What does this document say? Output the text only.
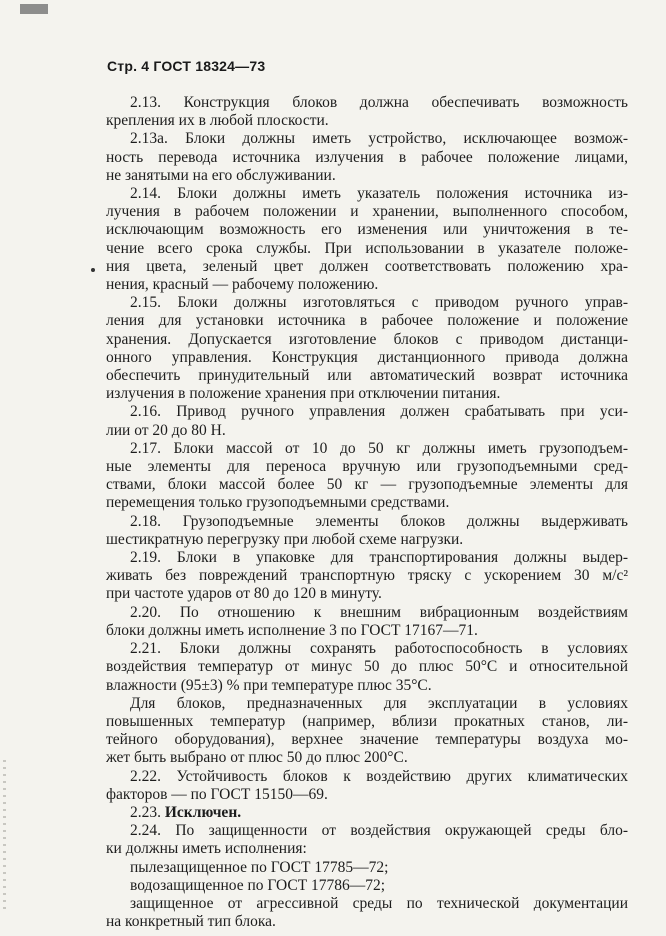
Стр. 4 ГОСТ 18324—73
2.13. Конструкция блоков должна обеспечивать возможность
крепления их в любой плоскости.
2.13а. Блоки должны иметь устройство, исключающее возмож-
ность перевода источника излучения в рабочее положение лицами,
не занятыми на его обслуживании.
2.14. Блоки должны иметь указатель положения источника из-
лучения в рабочем положении и хранении, выполненного способом,
исключающим возможность его изменения или уничтожения в те-
чение всего срока службы. При использовании в указателе положе-
ния цвета, зеленый цвет должен соответствовать положению хра-
нения, красный — рабочему положению.
2.15. Блоки должны изготовляться с приводом ручного управ-
ления для установки источника в рабочее положение и положение
хранения. Допускается изготовление блоков с приводом дистанци-
онного управления. Конструкция дистанционного привода должна
обеспечить принудительный или автоматический возврат источника
излучения в положение хранения при отключении питания.
2.16. Привод ручного управления должен срабатывать при уси-
лии от 20 до 80 Н.
2.17. Блоки массой от 10 до 50 кг должны иметь грузоподъем-
ные элементы для переноса вручную или грузоподъемными сред-
ствами, блоки массой более 50 кг — грузоподъемные элементы для
перемещения только грузоподъемными средствами.
2.18. Грузоподъемные элементы блоков должны выдерживать
шестикратную перегрузку при любой схеме нагрузки.
2.19. Блоки в упаковке для транспортирования должны выдер-
живать без повреждений транспортную тряску с ускорением 30 м/с²
при частоте ударов от 80 до 120 в минуту.
2.20. По отношению к внешним вибрационным воздействиям
блоки должны иметь исполнение 3 по ГОСТ 17167—71.
2.21. Блоки должны сохранять работоспособность в условиях
воздействия температур от минус 50 до плюс 50°С и относительной
влажности (95±3) % при температуре плюс 35°С.
Для блоков, предназначенных для эксплуатации в условиях
повышенных температур (например, вблизи прокатных станов, ли-
тейного оборудования), верхнее значение температуры воздуха мо-
жет быть выбрано от плюс 50 до плюс 200°С.
2.22. Устойчивость блоков к воздействию других климатических
факторов — по ГОСТ 15150—69.
2.23. Исключен.
2.24. По защищенности от воздействия окружающей среды бло-
ки должны иметь исполнения:
пылезащищенное по ГОСТ 17785—72;
водозащищенное по ГОСТ 17786—72;
защищенное от агрессивной среды по технической документации
на конкретный тип блока.
